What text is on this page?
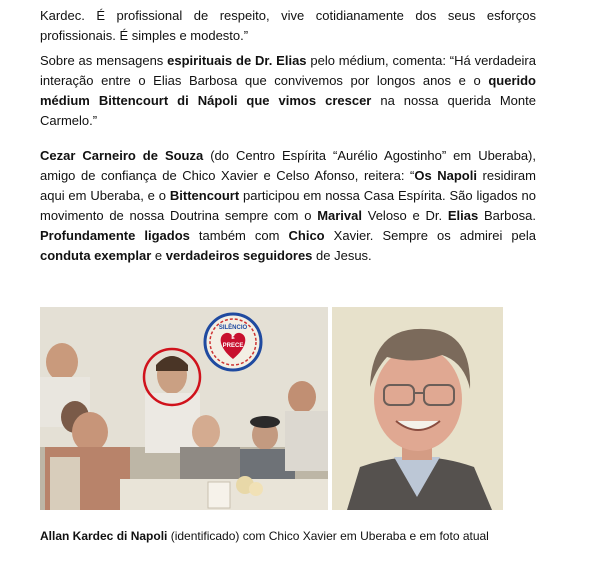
Kardec. É profissional de respeito, vive cotidianamente dos seus esforços profissionais. É simples e modesto.”

Sobre as mensagens espirituais de Dr. Elias pelo médium, comenta: “Há verdadeira interação entre o Elias Barbosa que convivemos por longos anos e o querido médium Bittencourt di Nápoli que vimos crescer na nossa querida Monte Carmelo.”

Cezar Carneiro de Souza (do Centro Espírita “Aurélio Agostinho” em Uberaba), amigo de confiança de Chico Xavier e Celso Afonso, reitera: “Os Napoli residiram aqui em Uberaba, e o Bittencourt participou em nossa Casa Espírita. São ligados no movimento de nossa Doutrina sempre com o Marival Veloso e Dr. Elias Barbosa. Profundamente ligados também com Chico Xavier. Sempre os admirei pela conduta exemplar e verdadeiros seguidores de Jesus.

SILÊNCIO
E
PRECE
Allan Kardec di Napoli (identificado) com Chico Xavier em Uberaba e em foto atual
